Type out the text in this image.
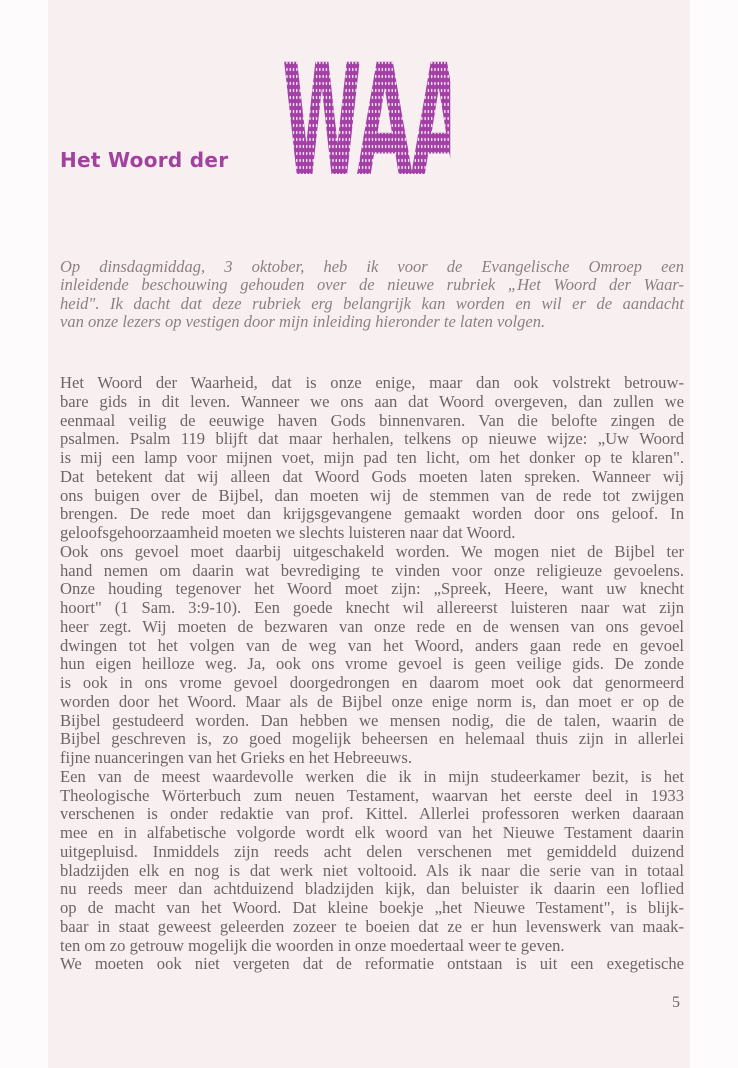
Het Woord der WAARHEID
Op dinsdagmiddag, 3 oktober, heb ik voor de Evangelische Omroep een
inleidende beschouwing gehouden over de nieuwe rubriek „Het Woord der Waar-
heid". Ik dacht dat deze rubriek erg belangrijk kan worden en wil er de aandacht
van onze lezers op vestigen door mijn inleiding hieronder te laten volgen.
Het Woord der Waarheid, dat is onze enige, maar dan ook volstrekt betrouw-
bare gids in dit leven. Wanneer we ons aan dat Woord overgeven, dan zullen we
eenmaal veilig de eeuwige haven Gods binnenvaren. Van die belofte zingen de
psalmen. Psalm 119 blijft dat maar herhalen, telkens op nieuwe wijze: „Uw Woord
is mij een lamp voor mijnen voet, mijn pad ten licht, om het donker op te klaren".
Dat betekent dat wij alleen dat Woord Gods moeten laten spreken. Wanneer wij
ons buigen over de Bijbel, dan moeten wij de stemmen van de rede tot zwijgen
brengen. De rede moet dan krijgsgevangene gemaakt worden door ons geloof. In
geloofsgehoorzaamheid moeten we slechts luisteren naar dat Woord.
Ook ons gevoel moet daarbij uitgeschakeld worden. We mogen niet de Bijbel ter
hand nemen om daarin wat bevrediging te vinden voor onze religieuze gevoelens.
Onze houding tegenover het Woord moet zijn: „Spreek, Heere, want uw knecht
hoort" (1 Sam. 3:9-10). Een goede knecht wil allereerst luisteren naar wat zijn
heer zegt. Wij moeten de bezwaren van onze rede en de wensen van ons gevoel
dwingen tot het volgen van de weg van het Woord, anders gaan rede en gevoel
hun eigen heilloze weg. Ja, ook ons vrome gevoel is geen veilige gids. De zonde
is ook in ons vrome gevoel doorgedrongen en daarom moet ook dat genormeerd
worden door het Woord. Maar als de Bijbel onze enige norm is, dan moet er op de
Bijbel gestudeerd worden. Dan hebben we mensen nodig, die de talen, waarin de
Bijbel geschreven is, zo goed mogelijk beheersen en helemaal thuis zijn in allerlei
fijne nuanceringen van het Grieks en het Hebreeuws.
Een van de meest waardevolle werken die ik in mijn studeerkamer bezit, is het
Theologische Wörterbuch zum neuen Testament, waarvan het eerste deel in 1933
verschenen is onder redaktie van prof. Kittel. Allerlei professoren werken daaraan
mee en in alfabetische volgorde wordt elk woord van het Nieuwe Testament daarin
uitgepluisd. Inmiddels zijn reeds acht delen verschenen met gemiddeld duizend
bladzijden elk en nog is dat werk niet voltooid. Als ik naar die serie van in totaal
nu reeds meer dan achtduizend bladzijden kijk, dan beluister ik daarin een loflied
op de macht van het Woord. Dat kleine boekje „het Nieuwe Testament", is blijk-
baar in staat geweest geleerden zozeer te boeien dat ze er hun levenswerk van maak-
ten om zo getrouw mogelijk die woorden in onze moedertaal weer te geven.
We moeten ook niet vergeten dat de reformatie ontstaan is uit een exegetische
5
